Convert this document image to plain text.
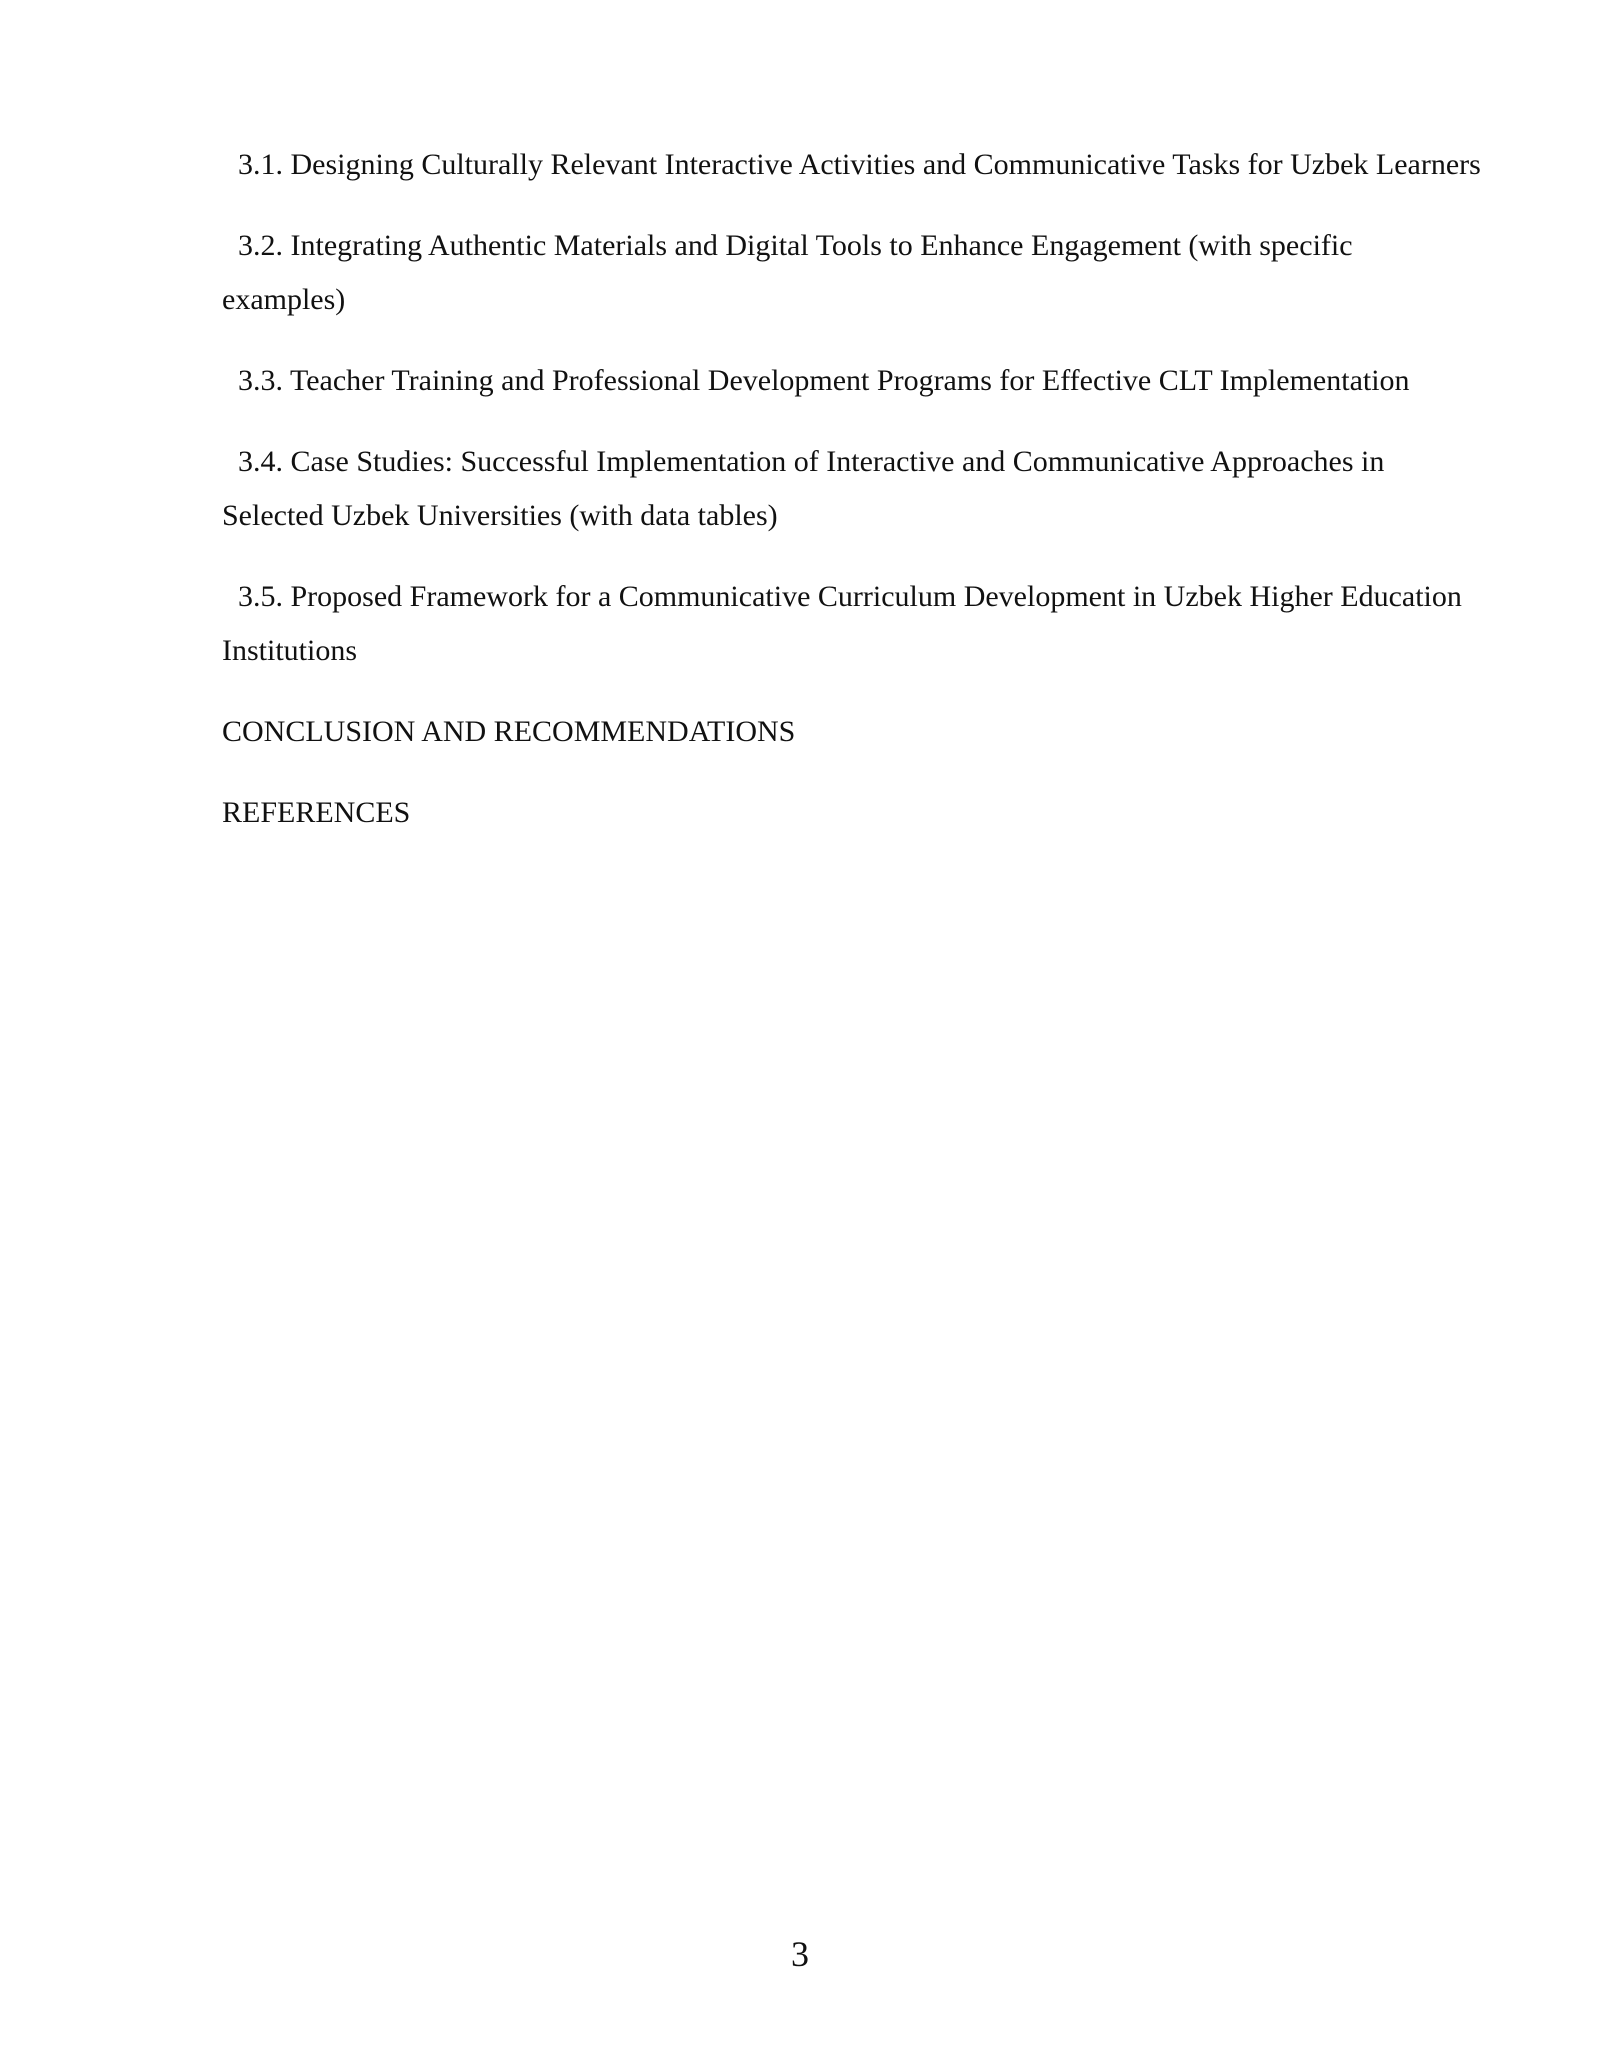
3.1. Designing Culturally Relevant Interactive Activities and Communicative Tasks for Uzbek Learners

3.2. Integrating Authentic Materials and Digital Tools to Enhance Engagement (with specific examples)

3.3. Teacher Training and Professional Development Programs for Effective CLT Implementation

3.4. Case Studies: Successful Implementation of Interactive and Communicative Approaches in Selected Uzbek Universities (with data tables)

3.5. Proposed Framework for a Communicative Curriculum Development in Uzbek Higher Education Institutions

CONCLUSION AND RECOMMENDATIONS

REFERENCES

3
